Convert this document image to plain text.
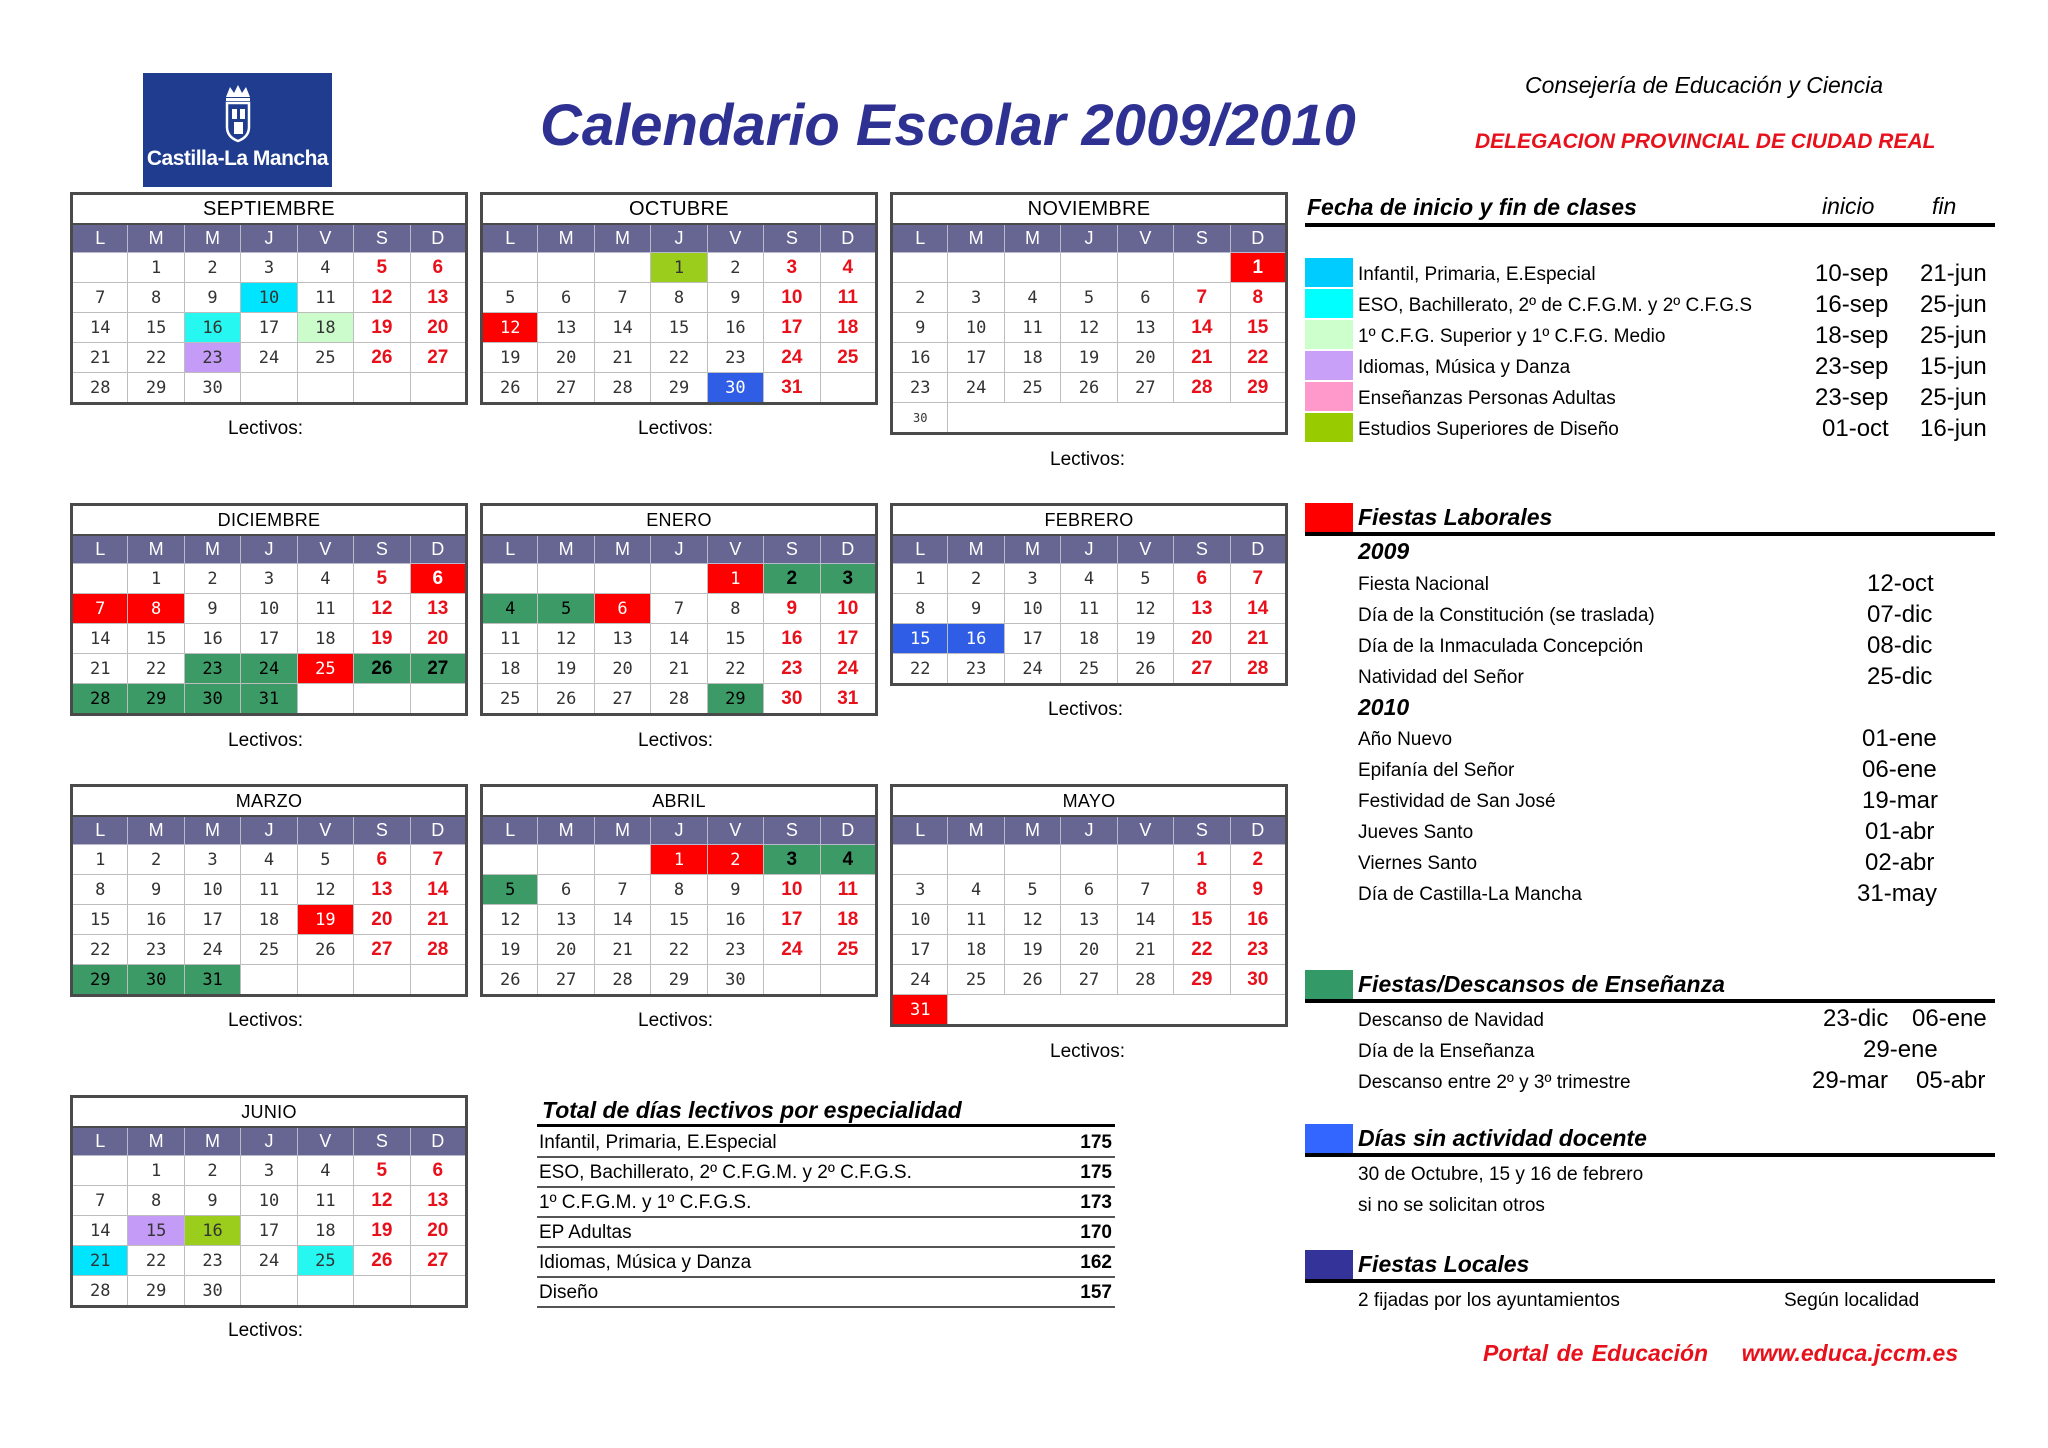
Castilla-La Mancha
Calendario Escolar 2009/2010
Consejería de Educación y Ciencia
DELEGACION PROVINCIAL DE CIUDAD REAL
SEPTIEMBRE						
L	M	M	J	V	S	D
	1	2	3	4	5	6
7	8	9	10	11	12	13
14	15	16	17	18	19	20
21	22	23	24	25	26	27
28	29	30				
Lectivos:
OCTUBRE						
L	M	M	J	V	S	D
			1	2	3	4
5	6	7	8	9	10	11
12	13	14	15	16	17	18
19	20	21	22	23	24	25
26	27	28	29	30	31	
Lectivos:
NOVIEMBRE						
L	M	M	J	V	S	D
						1
2	3	4	5	6	7	8
9	10	11	12	13	14	15
16	17	18	19	20	21	22
23	24	25	26	27	28	29
30						
Lectivos:
DICIEMBRE						
L	M	M	J	V	S	D
	1	2	3	4	5	6
7	8	9	10	11	12	13
14	15	16	17	18	19	20
21	22	23	24	25	26	27
28	29	30	31			
Lectivos:
ENERO						
L	M	M	J	V	S	D
				1	2	3
4	5	6	7	8	9	10
11	12	13	14	15	16	17
18	19	20	21	22	23	24
25	26	27	28	29	30	31
Lectivos:
FEBRERO						
L	M	M	J	V	S	D
1	2	3	4	5	6	7
8	9	10	11	12	13	14
15	16	17	18	19	20	21
22	23	24	25	26	27	28
Lectivos:
MARZO						
L	M	M	J	V	S	D
1	2	3	4	5	6	7
8	9	10	11	12	13	14
15	16	17	18	19	20	21
22	23	24	25	26	27	28
29	30	31				
Lectivos:
ABRIL						
L	M	M	J	V	S	D
			1	2	3	4
5	6	7	8	9	10	11
12	13	14	15	16	17	18
19	20	21	22	23	24	25
26	27	28	29	30		
Lectivos:
MAYO						
L	M	M	J	V	S	D
					1	2
3	4	5	6	7	8	9
10	11	12	13	14	15	16
17	18	19	20	21	22	23
24	25	26	27	28	29	30
31						
Lectivos:
JUNIO						
L	M	M	J	V	S	D
	1	2	3	4	5	6
7	8	9	10	11	12	13
14	15	16	17	18	19	20
21	22	23	24	25	26	27
28	29	30				
Lectivos:
Total de días lectivos por especialidad
Infantil, Primaria, E.Especial	175
ESO, Bachillerato, 2º C.F.G.M. y 2º C.F.G.S.	175
1º C.F.G.M. y 1º C.F.G.S.	173
EP Adultas	170
Idiomas, Música y Danza	162
Diseño	157
Fecha de inicio y fin de clases	inicio	fin
Infantil, Primaria, E.Especial	10-sep 21-jun
ESO, Bachillerato, 2º de C.F.G.M. y 2º C.F.G.S	16-sep 25-jun
1º C.F.G. Superior y 1º C.F.G. Medio	18-sep 25-jun
Idiomas, Música y Danza	23-sep 15-jun
Enseñanzas Personas Adultas	23-sep 25-jun
Estudios Superiores de Diseño	01-oct 16-jun
Fiestas Laborales
2009
Fiesta Nacional	12-oct
Día de la Constitución (se traslada)	07-dic
Día de la Inmaculada Concepción	08-dic
Natividad del Señor	25-dic
2010
Año Nuevo	01-ene
Epifanía del Señor	06-ene
Festividad de San José	19-mar
Jueves Santo	01-abr
Viernes Santo	02-abr
Día de Castilla-La Mancha	31-may
Fiestas/Descansos de Enseñanza
Descanso de Navidad	23-dic 06-ene
Día de la Enseñanza	29-ene
Descanso entre 2º y 3º trimestre	29-mar 05-abr
Días sin actividad docente
30 de Octubre, 15 y 16 de febrero
si no se solicitan otros
Fiestas Locales
2 fijadas por los ayuntamientos	Según localidad
Portal de Educación www.educa.jccm.es
